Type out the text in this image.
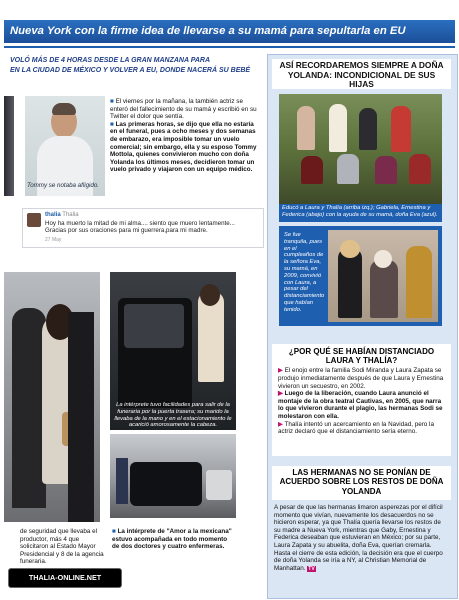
Nueva York con la firme idea de llevarse a su mamá para sepultarla en EU
VOLÓ MÁS DE 4 HORAS DESDE LA GRAN MANZANA PARA
EN LA CIUDAD DE MÉXICO Y VOLVER A EU, DONDE NACERÁ SU BEBÉ
Tommy se notaba afligido.

■ El viernes por la mañana, la también actriz se enteró del fallecimiento de su mamá y escribió en su Twitter el dolor que sentía.

■ Las primeras horas, se dijo que ella no estaría en el funeral, pues a ocho meses y dos semanas de embarazo, era imposible tomar un vuelo comercial; sin embargo, ella y su esposo Tommy Mottola, quienes convivieron mucho con doña Yolanda los últimos meses, decidieron tomar un vuelo privado y viajaron con un equipo médico.

thalia Thalia
Hoy ha muerto la mitad de mi alma.... siento que muero lentamente... Gracias por sus oraciones para mi guerrera,para mi madre.
27 May
La intérprete tuvo facilidades para salir de la funeraria por la puerta trasera; su marido la llevaba de la mano y en el estacionamiento le acarició amorosamente la cabeza.
de seguridad que llevaba el productor, más 4 que solicitaron al Estado Mayor Presidencial y 8 de la agencia funeraria.
■ La intérprete de "Amor a la mexicana" estuvo acompañada en todo momento de dos doctores y cuatro enfermeras.
THALIA-ONLINE.NET
ASÍ RECORDAREMOS SIEMPRE A DOÑA YOLANDA: INCONDICIONAL DE SUS HIJAS
Educó a Laura y Thalía (arriba izq.); Gabriela, Ernestina y Federica (abajo) con la ayuda de su mamá, doña Eva (azul).
Se fue tranquila, pues en el cumpleaños de la señora Eva, su mamá, en 2009, convivió con Laura, a pesar del distanciamiento que habían tenido.
¿POR QUÉ SE HABÍAN DISTANCIADO LAURA Y THALÍA?
▶ El enojo entre la familia Sodi Miranda y Laura Zapata se produjo inmediatamente después de que Laura y Ernestina vivieron un secuestro, en 2002.
▶ Luego de la liberación, cuando Laura anunció el montaje de la obra teatral Cautivas, en 2005, que narra lo que vivieron durante el plagio, las hermanas Sodi se molestaron con ella.
▶ Thalía intentó un acercamiento en la Navidad, pero la actriz declaró que el distanciamiento sería eterno.
LAS HERMANAS NO SE PONÍAN DE ACUERDO SOBRE LOS RESTOS DE DOÑA YOLANDA
A pesar de que las hermanas limaron asperezas por el difícil momento que vivían, nuevamente los desacuerdos no se hicieron esperar, ya que Thalía quería llevarse los restos de su madre a Nueva York, mientras que Gaby, Ernestina y Federica deseaban que estuvieran en México; por su parte, Laura Zapata y su abuelita, doña Eva, querían cremarla. Hasta el cierre de esta edición, la decisión era que el cuerpo de doña Yolanda se iría a NY, al Christian Memorial de Manhattan. TV
